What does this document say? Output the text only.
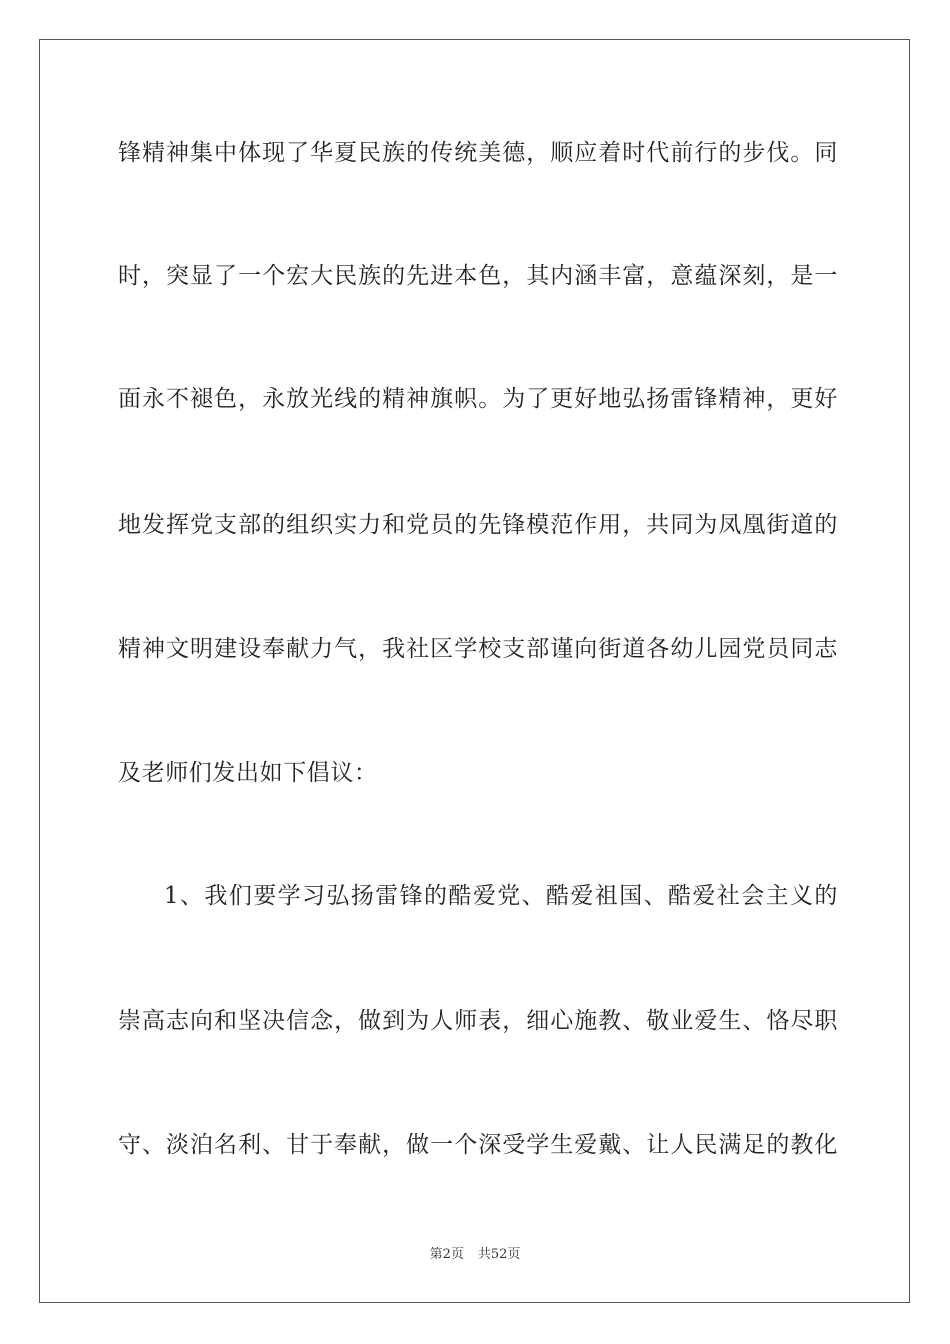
锋精神集中体现了华夏民族的传统美德，顺应着时代前行的步伐。同
时，突显了一个宏大民族的先进本色，其内涵丰富，意蕴深刻，是一
面永不褪色，永放光线的精神旗帜。为了更好地弘扬雷锋精神，更好
地发挥党支部的组织实力和党员的先锋模范作用，共同为凤凰街道的
精神文明建设奉献力气，我社区学校支部谨向街道各幼儿园党员同志
及老师们发出如下倡议：
1、我们要学习弘扬雷锋的酷爱党、酷爱祖国、酷爱社会主义的
崇高志向和坚决信念，做到为人师表，细心施教、敬业爱生、恪尽职
守、淡泊名利、甘于奉献，做一个深受学生爱戴、让人民满足的教化
第2页 共52页
